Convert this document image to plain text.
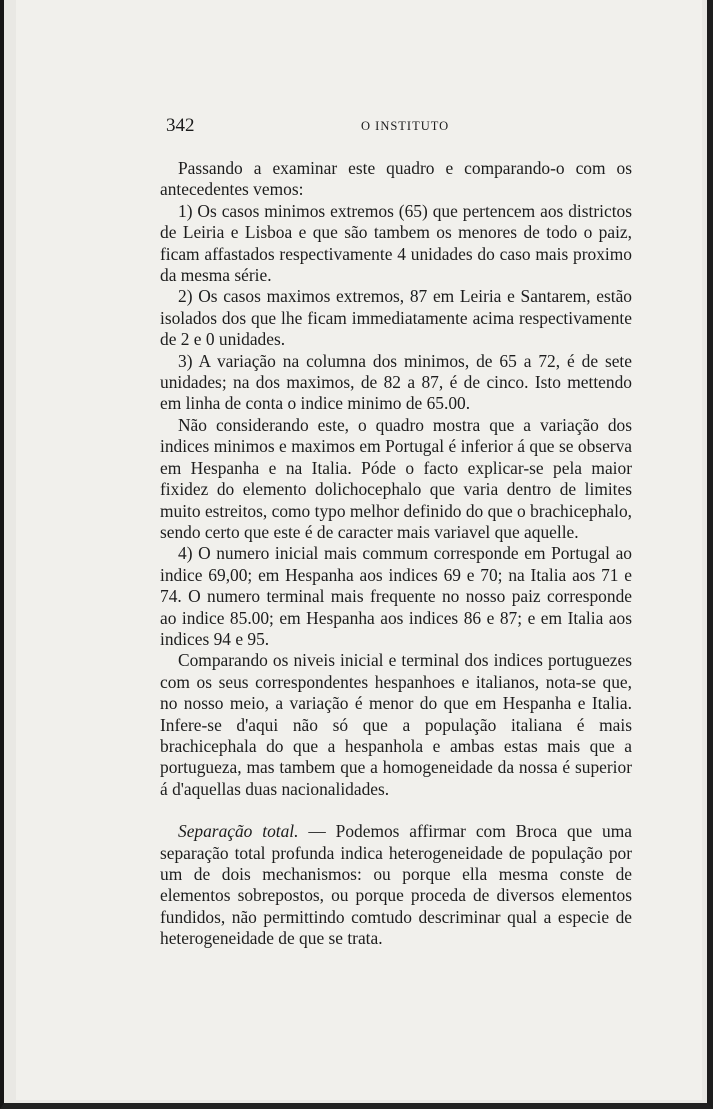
342	O INSTITUTO

Passando a examinar este quadro e comparando-o com os antecedentes vemos:

1) Os casos minimos extremos (65) que pertencem aos districtos de Leiria e Lisboa e que são tambem os menores de todo o paiz, ficam affastados respectivamente 4 unidades do caso mais proximo da mesma série.

2) Os casos maximos extremos, 87 em Leiria e Santarem, estão isolados dos que lhe ficam immediatamente acima respectivamente de 2 e 0 unidades.

3) A variação na columna dos minimos, de 65 a 72, é de sete unidades; na dos maximos, de 82 a 87, é de cinco. Isto mettendo em linha de conta o indice minimo de 65.00.

Não considerando este, o quadro mostra que a variação dos indices minimos e maximos em Portugal é inferior á que se observa em Hespanha e na Italia. Póde o facto explicar-se pela maior fixidez do elemento dolichocephalo que varia dentro de limites muito estreitos, como typo melhor definido do que o brachicephalo, sendo certo que este é de caracter mais variavel que aquelle.

4) O numero inicial mais commum corresponde em Portugal ao indice 69,00; em Hespanha aos indices 69 e 70; na Italia aos 71 e 74. O numero terminal mais frequente no nosso paiz corresponde ao indice 85.00; em Hespanha aos indices 86 e 87; e em Italia aos indices 94 e 95.

Comparando os niveis inicial e terminal dos indices portuguezes com os seus correspondentes hespanhoes e italianos, nota-se que, no nosso meio, a variação é menor do que em Hespanha e Italia. Infere-se d'aqui não só que a população italiana é mais brachicephala do que a hespanhola e ambas estas mais que a portugueza, mas tambem que a homogeneidade da nossa é superior á d'aquellas duas nacionalidades.

Separação total. — Podemos affirmar com Broca que uma separação total profunda indica heterogeneidade de população por um de dois mechanismos: ou porque ella mesma conste de elementos sobrepostos, ou porque proceda de diversos elementos fundidos, não permittindo comtudo descriminar qual a especie de heterogeneidade de que se trata.
